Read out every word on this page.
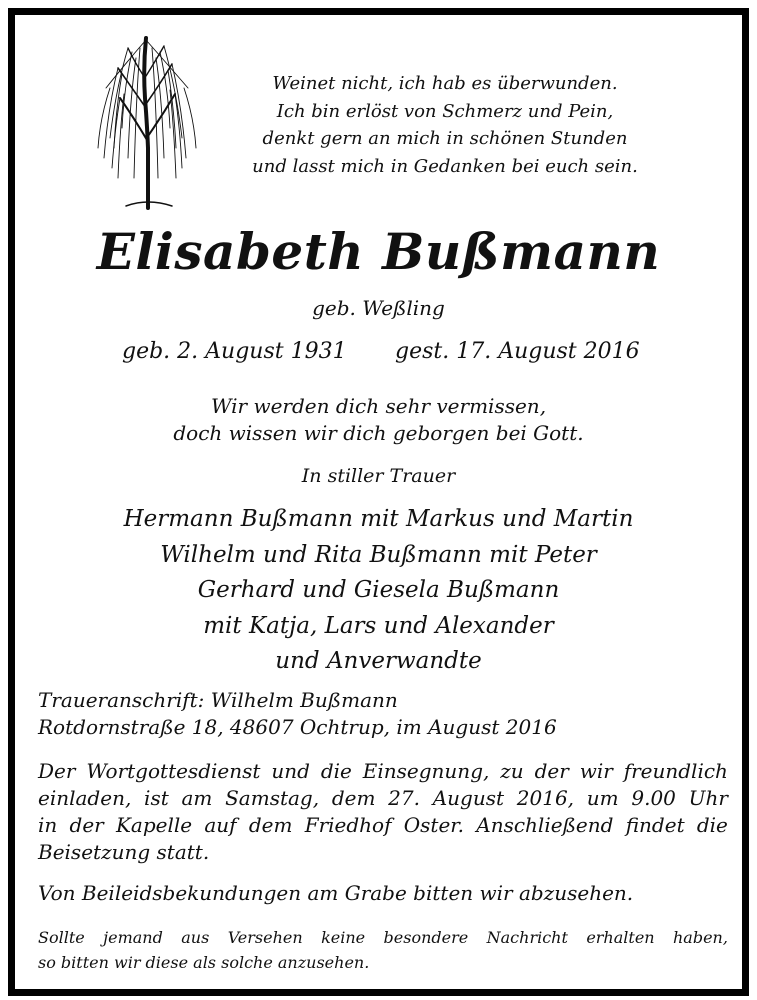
Weinet nicht, ich hab es überwunden.
Ich bin erlöst von Schmerz und Pein,
denkt gern an mich in schönen Stunden
und lasst mich in Gedanken bei euch sein.
Elisabeth Bußmann
geb. Weßling
geb. 2. August 1931 gest. 17. August 2016
Wir werden dich sehr vermissen,
doch wissen wir dich geborgen bei Gott.
In stiller Trauer
Hermann Bußmann mit Markus und Martin
Wilhelm und Rita Bußmann mit Peter
Gerhard und Giesela Bußmann
mit Katja, Lars und Alexander
und Anverwandte
Traueranschrift: Wilhelm Bußmann
Rotdornstraße 18, 48607 Ochtrup, im August 2016
Der Wortgottesdienst und die Einsegnung, zu der wir freundlich
einladen, ist am Samstag, dem 27. August 2016, um 9.00 Uhr
in der Kapelle auf dem Friedhof Oster. Anschließend findet die
Beisetzung statt.
Von Beileidsbekundungen am Grabe bitten wir abzusehen.
Sollte jemand aus Versehen keine besondere Nachricht erhalten haben,
so bitten wir diese als solche anzusehen.
